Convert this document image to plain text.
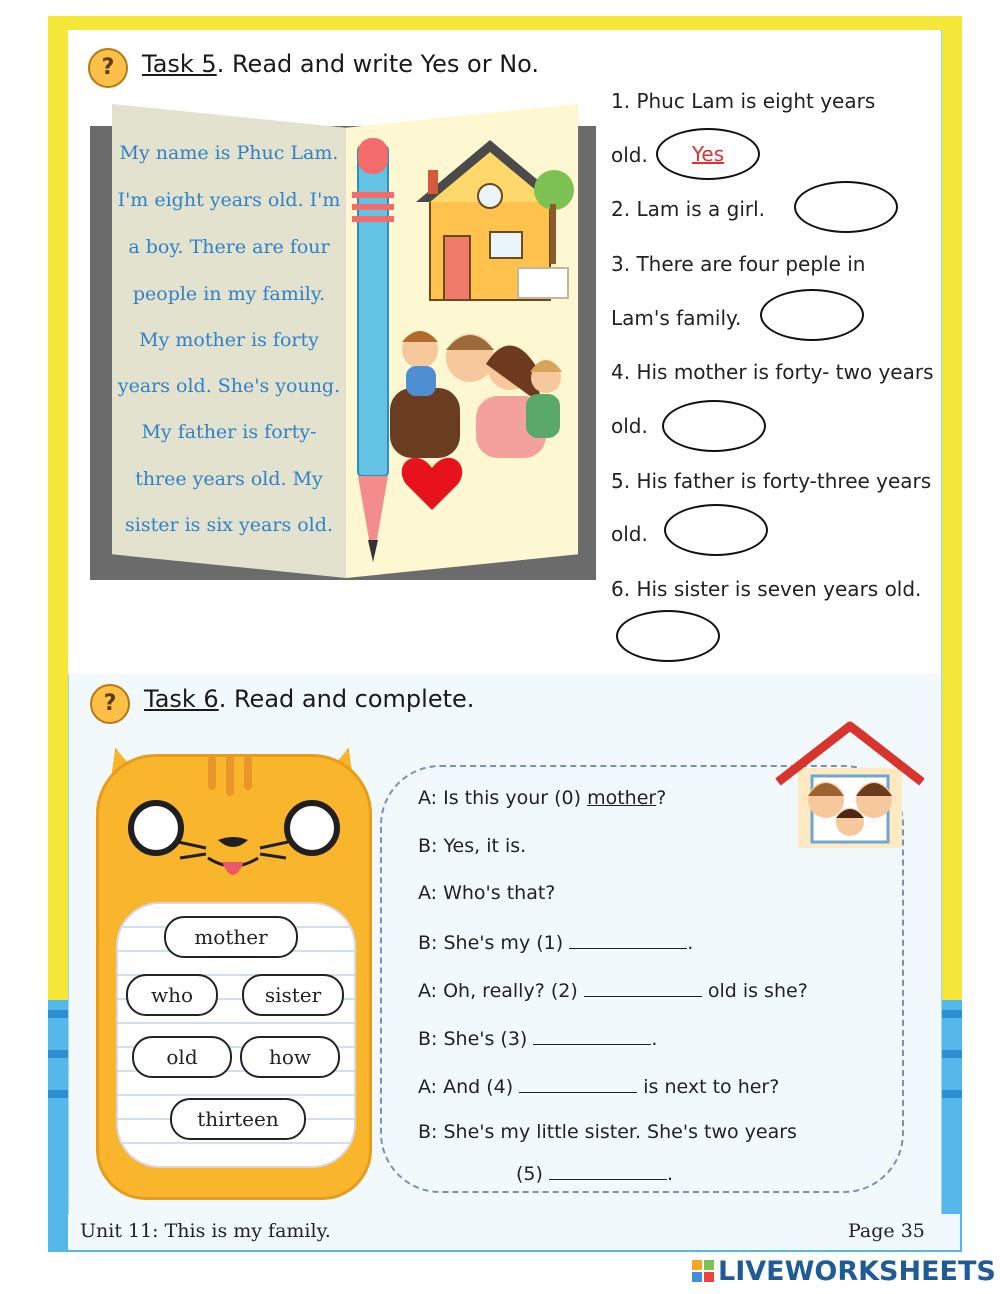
?	Task 5. Read and write Yes or No.
My name is Phuc Lam.
I'm eight years old. I'm
a boy. There are four
people in my family.
My mother is forty
years old. She's young.
My father is forty-
three years old. My
sister is six years old.
1. Phuc Lam is eight years
old.	Yes
2. Lam is a girl.
3. There are four peple in
Lam's family.
4. His mother is forty- two years
old.
5. His father is forty-three years
old.
6. His sister is seven years old.
?	Task 6. Read and complete.
mother
who	sister
old	how
thirteen
A: Is this your (0) mother?
B: Yes, it is.
A: Who's that?
B: She's my (1)	.
A: Oh, really? (2)	old is she?
B: She's (3)	.
A: And (4)	is next to her?
B: She's my little sister. She's two years
(5)	.
Unit 11: This is my family.	Page 35
LIVEWORKSHEETS
